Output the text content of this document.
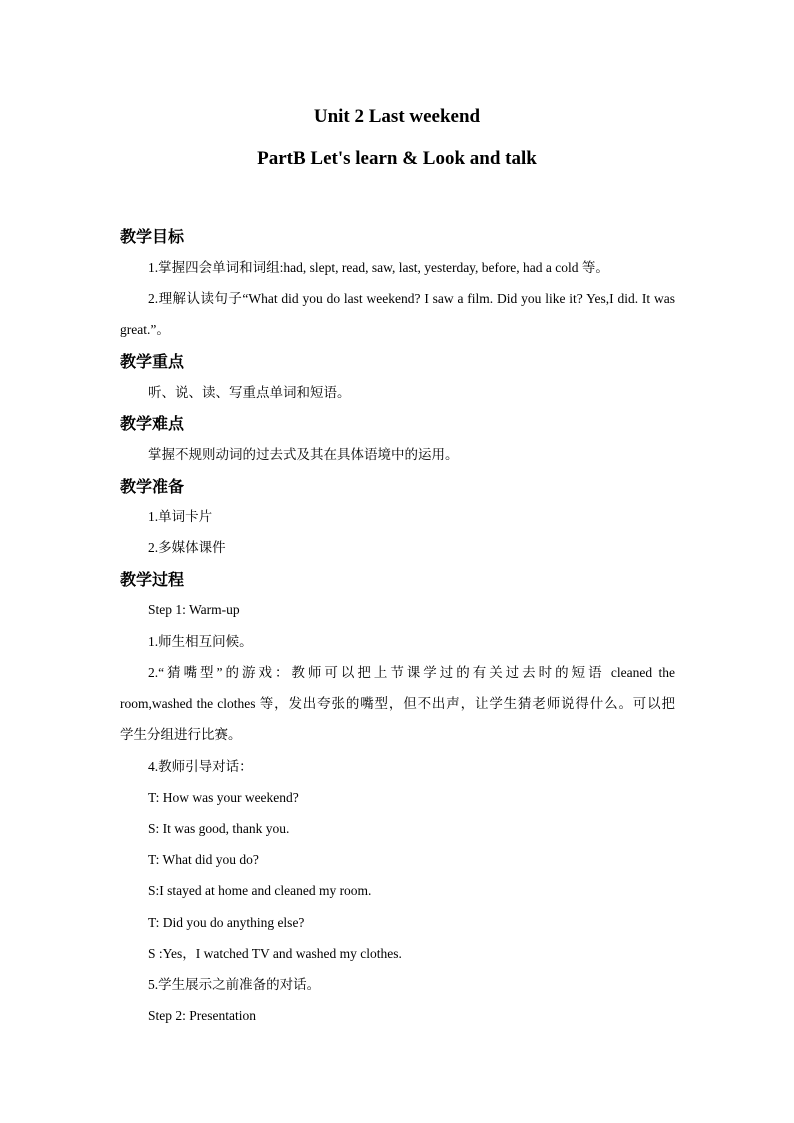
Unit 2 Last weekend
PartB Let's learn & Look and talk
教学目标
1.掌握四会单词和词组:had, slept, read, saw, last, yesterday, before, had a cold 等。
2.理解认读句子“What did you do last weekend? I saw a film. Did you like it? Yes,I did. It was
great.”。
教学重点
听、说、读、写重点单词和短语。
教学难点
掌握不规则动词的过去式及其在具体语境中的运用。
教学准备
1.单词卡片
2.多媒体课件
教学过程
Step 1: Warm-up
1.师生相互问候。
2.“猜嘴型”的游戏：教师可以把上节课学过的有关过去时的短语 cleaned the
room,washed the clothes 等，发出夸张的嘴型，但不出声，让学生猜老师说得什么。可以把
学生分组进行比赛。
4.教师引导对话：
T: How was your weekend?
S: It was good, thank you.
T: What did you do?
S:I stayed at home and cleaned my room.
T: Did you do anything else?
S :Yes，I watched TV and washed my clothes.
5.学生展示之前准备的对话。
Step 2: Presentation
